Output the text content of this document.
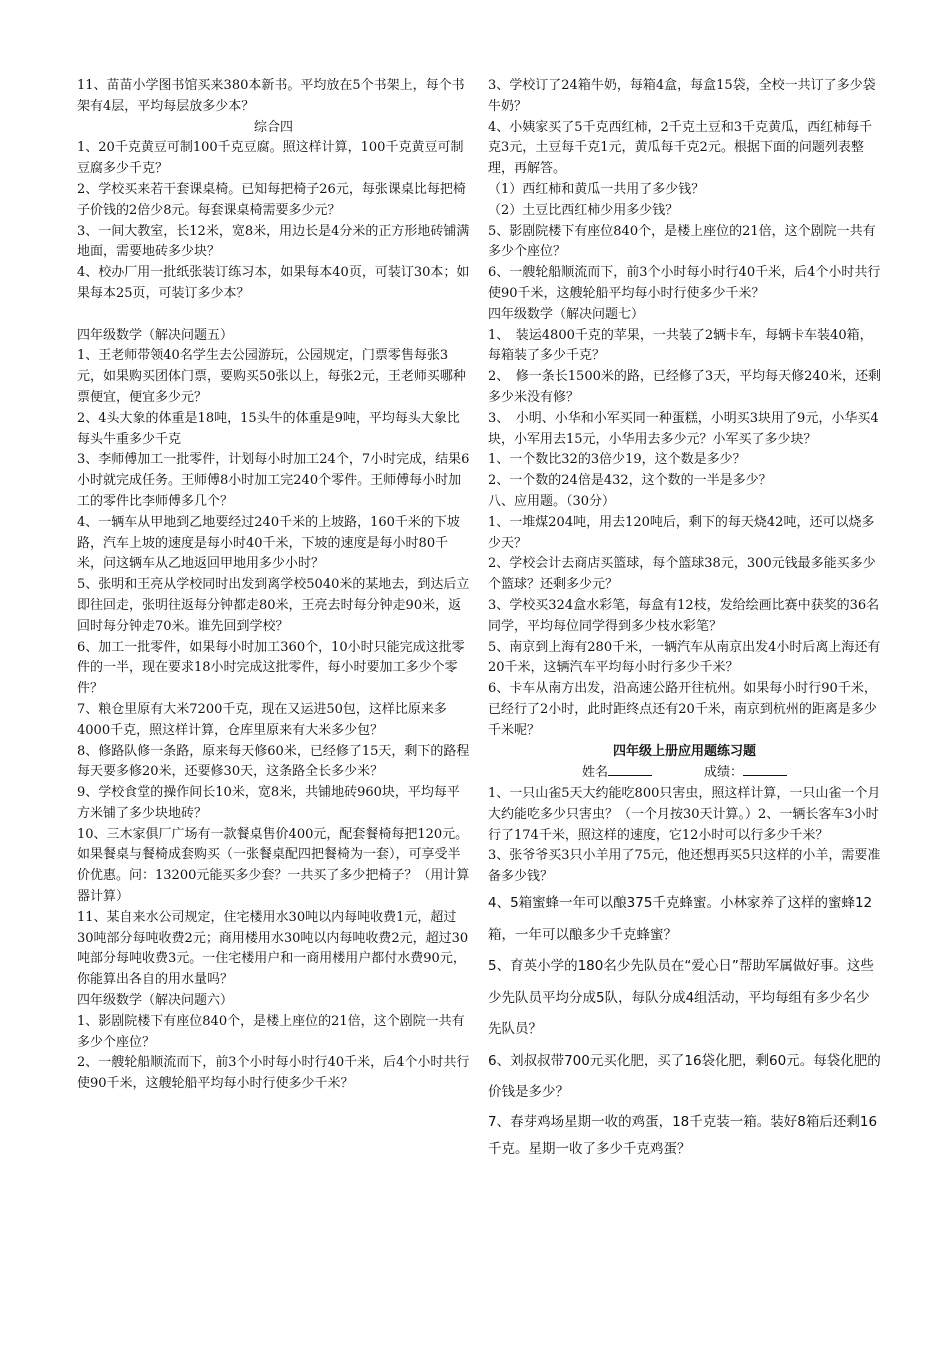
11、苗苗小学图书馆买来380本新书。平均放在5个书架上，每个书架有4层，平均每层放多少本？

综合四

1、20千克黄豆可制100千克豆腐。照这样计算，100千克黄豆可制豆腐多少千克？

2、学校买来若干套课桌椅。已知每把椅子26元，每张课桌比每把椅子价钱的2倍少8元。每套课桌椅需要多少元？

3、一间大教室，长12米，宽8米，用边长是4分米的正方形地砖铺满地面，需要地砖多少块？

4、校办厂用一批纸张装订练习本，如果每本40页，可装订30本；如果每本25页，可装订多少本？

四年级数学（解决问题五）

1、王老师带领40名学生去公园游玩，公园规定，门票零售每张3元，如果购买团体门票，要购买50张以上，每张2元，王老师买哪种票便宜，便宜多少元？

2、4头大象的体重是18吨，15头牛的体重是9吨，平均每头大象比每头牛重多少千克

3、李师傅加工一批零件，计划每小时加工24个，7小时完成，结果6小时就完成任务。王师傅8小时加工完240个零件。王师傅每小时加工的零件比李师傅多几个？

4、一辆车从甲地到乙地要经过240千米的上坡路，160千米的下坡路，汽车上坡的速度是每小时40千米，下坡的速度是每小时80千米，问这辆车从乙地返回甲地用多少小时？

5、张明和王亮从学校同时出发到离学校5040米的某地去，到达后立即往回走，张明往返每分钟都走80米，王亮去时每分钟走90米，返回时每分钟走70米。谁先回到学校？

6、加工一批零件，如果每小时加工360个，10小时只能完成这批零件的一半，现在要求18小时完成这批零件，每小时要加工多少个零件？

7、粮仓里原有大米7200千克，现在又运进50包，这样比原来多4000千克，照这样计算，仓库里原来有大米多少包？

8、修路队修一条路，原来每天修60米，已经修了15天，剩下的路程每天要多修20米，还要修30天，这条路全长多少米？

9、学校食堂的操作间长10米，宽8米，共铺地砖960块，平均每平方米铺了多少块地砖？

10、三木家俱厂广场有一款餐桌售价400元，配套餐椅每把120元。如果餐桌与餐椅成套购买（一张餐桌配四把餐椅为一套），可享受半价优惠。问：13200元能买多少套？一共买了多少把椅子？（用计算器计算）

11、某自来水公司规定，住宅楼用水30吨以内每吨收费1元，超过30吨部分每吨收费2元；商用楼用水30吨以内每吨收费2元，超过30吨部分每吨收费3元。一住宅楼用户和一商用楼用户都付水费90元，你能算出各自的用水量吗？

四年级数学（解决问题六）

1、影剧院楼下有座位840个，是楼上座位的21倍，这个剧院一共有多少个座位？

2、一艘轮船顺流而下，前3个小时每小时行40千米，后4个小时共行使90千米，这艘轮船平均每小时行使多少千米？

3、学校订了24箱牛奶，每箱4盒，每盒15袋，全校一共订了多少袋牛奶？

4、小姨家买了5千克西红柿，2千克土豆和3千克黄瓜，西红柿每千克3元，土豆每千克1元，黄瓜每千克2元。根据下面的问题列表整理，再解答。

（1）西红柿和黄瓜一共用了多少钱？

（2）土豆比西红柿少用多少钱？

5、影剧院楼下有座位840个，是楼上座位的21倍，这个剧院一共有多少个座位？

6、一艘轮船顺流而下，前3个小时每小时行40千米，后4个小时共行使90千米，这艘轮船平均每小时行使多少千米？

四年级数学（解决问题七）

1、　装运4800千克的苹果，一共装了2辆卡车，每辆卡车装40箱，每箱装了多少千克？

2、　修一条长1500米的路，已经修了3天，平均每天修240米，还剩多少米没有修？

3、　小明、小华和小军买同一种蛋糕，小明买3块用了9元，小华买4块，小军用去15元，小华用去多少元？小军买了多少块？

1、一个数比32的3倍少19，这个数是多少？

2、一个数的24倍是432，这个数的一半是多少？

八、应用题。（30分）

1、一堆煤204吨，用去120吨后，剩下的每天烧42吨，还可以烧多少天？

2、学校会计去商店买篮球，每个篮球38元，300元钱最多能买多少个篮球？还剩多少元？

3、学校买324盒水彩笔，每盒有12枝，发给绘画比赛中获奖的36名同学，平均每位同学得到多少枝水彩笔？

5、南京到上海有280千米，一辆汽车从南京出发4小时后离上海还有20千米，这辆汽车平均每小时行多少千米？

6、卡车从南方出发，沿高速公路开往杭州。如果每小时行90千米，已经行了2小时，此时距终点还有20千米，南京到杭州的距离是多少千米呢？

四年级上册应用题练习题

姓名　　　　	成绩：

1、一只山雀5天大约能吃800只害虫，照这样计算，一只山雀一个月大约能吃多少只害虫？（一个月按30天计算。）2、一辆长客车3小时行了174千米，照这样的速度，它12小时可以行多少千米？

3、张爷爷买3只小羊用了75元，他还想再买5只这样的小羊，需要准备多少钱？

4、5箱蜜蜂一年可以酿375千克蜂蜜。小林家养了这样的蜜蜂12箱，一年可以酿多少千克蜂蜜？

5、育英小学的180名少先队员在“爱心日”帮助军属做好事。这些少先队员平均分成5队，每队分成4组活动，平均每组有多少名少先队员？

6、刘叔叔带700元买化肥，买了16袋化肥，剩60元。每袋化肥的价钱是多少？

7、春芽鸡场星期一收的鸡蛋，18千克装一箱。装好8箱后还剩16千克。星期一收了多少千克鸡蛋？
